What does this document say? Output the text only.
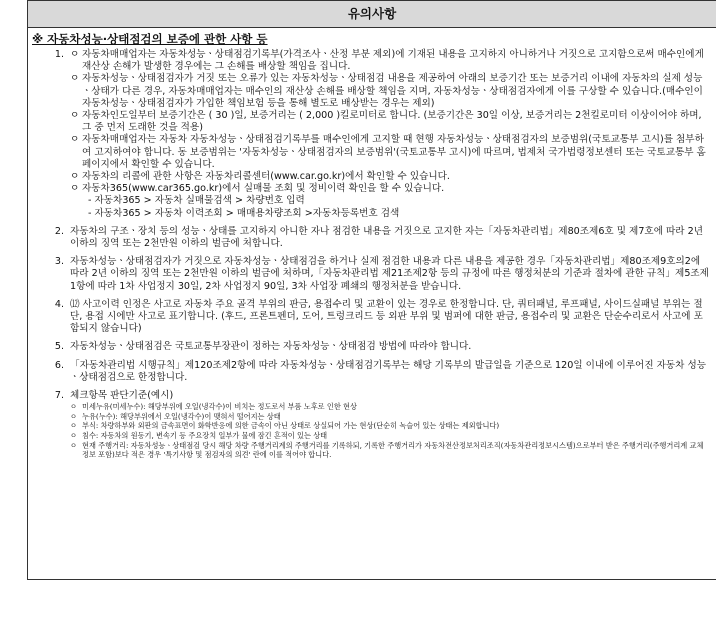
유의사항
※ 자동차성능·상태점검의 보증에 관한 사항 등
1. ㅇ 자동차매매업자는 자동차성능ㆍ상태점검기록부(가격조사ㆍ산정 부분 제외)에 기재된 내용을 고지하지 아니하거나 거짓으로 고지함으로써 매수인에게 재산상 손해가 발생한 경우에는 그 손해를 배상할 책임을 집니다.
ㅇ 자동차성능ㆍ상태점검자가 거짓 또는 오류가 있는 자동차성능ㆍ상태점검 내용을 제공하여 아래의 보증기간 또는 보증거리 이내에 자동차의 실제 성능ㆍ상태가 다른 경우, 자동차매매업자는 매수인의 재산상 손해를 배상할 책임을 지며, 자동차성능ㆍ상태점검자에게 이를 구상할 수 있습니다.(매수인이 자동차성능ㆍ상태점검자가 가입한 책임보험 등을 통해 별도로 배상받는 경우는 제외)
ㅇ 자동차인도일부터 보증기간은 ( 30 )일, 보증거리는 ( 2,000 )킬로미터로 합니다. (보증기간은 30일 이상, 보증거리는 2천킬로미터 이상이어야 하며, 그 중 먼저 도래한 것을 적용)
ㅇ 자동차매매업자는 자동차 자동차성능ㆍ상태점검기록부를 매수인에게 고지할 때 현행 자동차성능ㆍ상태점검자의 보증범위(국토교통부 고시)를 첨부하여 고지하여야 합니다. 동 보증범위는 '자동차성능ㆍ상태점검자의 보증범위'(국토교통부 고시)에 따르며, 법제처 국가법령정보센터 또는 국토교통부 홈페이지에서 확인할 수 있습니다.
ㅇ 자동차의 리콜에 관한 사항은 자동차리콜센터(www.car.go.kr)에서 확인할 수 있습니다.
ㅇ 자동차365(www.car365.go.kr)에서 실매물 조회 및 정비이력 확인을 할 수 있습니다.
- 자동차365 > 자동차 실매물검색 > 차량번호 입력
- 자동차365 > 자동차 이력조회 > 매매용차량조회 >자동차등록번호 검색
2. 자동차의 구조ㆍ장치 등의 성능ㆍ상태를 고지하지 아니한 자나 점검한 내용을 거짓으로 고지한 자는「자동차관리법」제80조제6호 및 제7호에 따라 2년 이하의 징역 또는 2천만원 이하의 벌금에 처합니다.
3. 자동차성능ㆍ상태점검자가 거짓으로 자동차성능ㆍ상태점검을 하거나 실제 점검한 내용과 다른 내용을 제공한 경우「자동차관리법」제80조제9호의2에 따라 2년 이하의 징역 또는 2천만원 이하의 벌금에 처하며,「자동차관리법 제21조제2항 등의 규정에 따른 행정처분의 기준과 절차에 관한 규칙」제5조제1항에 따라 1차 사업정지 30일, 2차 사업정지 90일, 3차 사업장 폐쇄의 행정처분을 받습니다.
4. ⑿ 사고이력 인정은 사고로 자동차 주요 골격 부위의 판금, 용접수리 및 교환이 있는 경우로 한정합니다. 단, 쿼터패널, 루프패널, 사이드실패널 부위는 절단, 용접 시에만 사고로 표기합니다. (후드, 프론트펜더, 도어, 트렁크리드 등 외판 부위 및 범퍼에 대한 판금, 용접수리 및 교환은 단순수리로서 사고에 포함되지 않습니다)
5. 자동차성능ㆍ상태점검은 국토교통부장관이 정하는 자동차성능ㆍ상태점검 방법에 따라야 합니다.
6. 「자동차관리법 시행규칙」제120조제2항에 따라 자동차성능ㆍ상태점검기록부는 해당 기록부의 발급일을 기준으로 120일 이내에 이루어진 자동차 성능ㆍ상태점검으로 한정합니다.
7. 체크항목 판단기준(예시)
ㅇ 미세누유(미세누수): 해당부위에 오일(냉각수)이 비치는 정도로서 부품 노후로 인한 현상
ㅇ 누유(누수): 해당부위에서 오일(냉각수)이 맺혀서 떨어지는 상태
ㅇ 부식: 차량하부와 외판의 금속표면이 화학반응에 의한 금속이 아닌 상태로 상실되어 가는 현상(단순히 녹슬어 있는 상태는 제외합니다)
ㅇ 침수: 자동차의 원동기, 변속기 등 주요장치 일부가 물에 잠긴 흔적이 있는 상태
ㅇ 현재 주행거리: 자동차성능ㆍ상태점검 당시 해당 차량 주행거리계의 주행거리를 기록하되, 기록한 주행거리가 자동차전산정보처리조직(자동차관리정보시스템)으로부터 받은 주행거리(주행거리계 교체 정보 포함)보다 적은 경우 '특기사항 및 점검자의 의견' 란에 이를 적어야 합니다.
